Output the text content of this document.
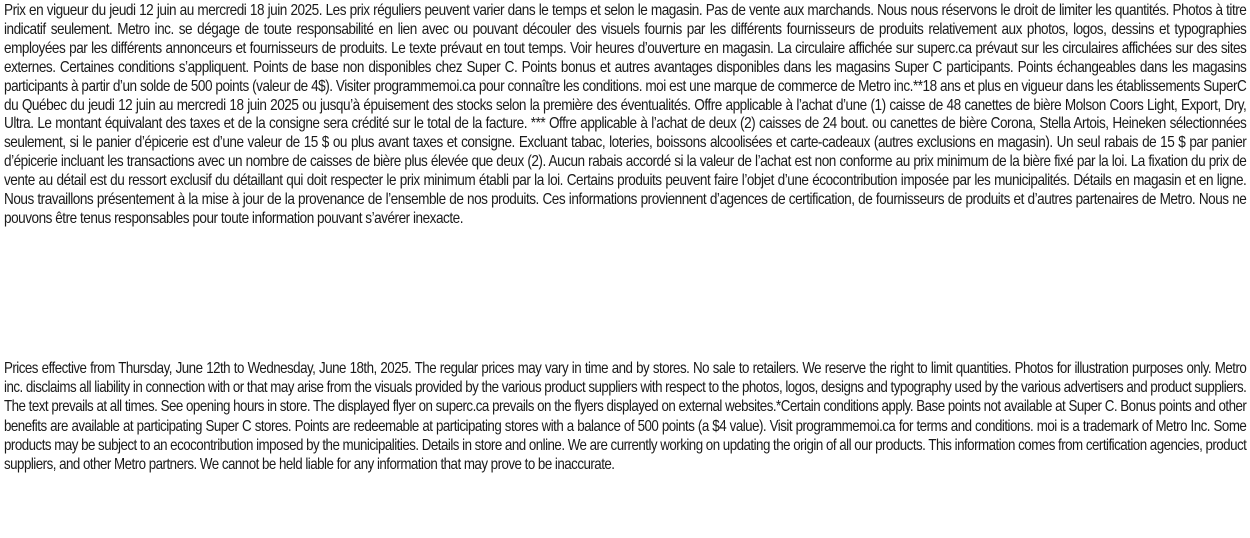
Prix en vigueur du jeudi 12 juin au mercredi 18 juin 2025. Les prix réguliers peuvent varier dans le temps et selon le magasin. Pas de vente aux marchands. Nous nous réservons le droit de limiter les quantités. Photos à titre indicatif seulement. Metro inc. se dégage de toute responsabilité en lien avec ou pouvant découler des visuels fournis par les différents fournisseurs de produits relativement aux photos, logos, dessins et typographies employées par les différents annonceurs et fournisseurs de produits. Le texte prévaut en tout temps. Voir heures d’ouverture en magasin. La circulaire affichée sur superc.ca prévaut sur les circulaires affichées sur des sites externes. Certaines conditions s’appliquent. Points de base non disponibles chez Super C. Points bonus et autres avantages disponibles dans les magasins Super C participants. Points échangeables dans les magasins participants à partir d’un solde de 500 points (valeur de 4$). Visiter programmemoi.ca pour connaître les conditions. moi est une marque de commerce de Metro inc.**18 ans et plus en vigueur dans les établissements SuperC du Québec du jeudi 12 juin au mercredi 18 juin 2025 ou jusqu’à épuisement des stocks selon la première des éventualités. Offre applicable à l’achat d’une (1) caisse de 48 canettes de bière Molson Coors Light, Export, Dry, Ultra. Le montant équivalant des taxes et de la consigne sera crédité sur le total de la facture. *** Offre applicable à l’achat de deux (2) caisses de 24 bout. ou canettes de bière Corona, Stella Artois, Heineken sélectionnées seulement, si le panier d’épicerie est d’une valeur de 15 $ ou plus avant taxes et consigne. Excluant tabac, loteries, boissons alcoolisées et carte-cadeaux (autres exclusions en magasin). Un seul rabais de 15 $ par panier d’épicerie incluant les transactions avec un nombre de caisses de bière plus élevée que deux (2). Aucun rabais accordé si la valeur de l’achat est non conforme au prix minimum de la bière fixé par la loi. La fixation du prix de vente au détail est du ressort exclusif du détaillant qui doit respecter le prix minimum établi par la loi. Certains produits peuvent faire l’objet d’une écocontribution imposée par les municipalités. Détails en magasin et en ligne. Nous travaillons présentement à la mise à jour de la provenance de l’ensemble de nos produits. Ces informations proviennent d’agences de certification, de fournisseurs de produits et d’autres partenaires de Metro. Nous ne pouvons être tenus responsables pour toute information pouvant s’avérer inexacte.

Prices effective from Thursday, June 12th to Wednesday, June 18th, 2025. The regular prices may vary in time and by stores. No sale to retailers. We reserve the right to limit quantities. Photos for illustration purposes only. Metro inc. disclaims all liability in connection with or that may arise from the visuals provided by the various product suppliers with respect to the photos, logos, designs and typography used by the various advertisers and product suppliers. The text prevails at all times. See opening hours in store. The displayed flyer on superc.ca prevails on the flyers displayed on external websites.*Certain conditions apply. Base points not available at Super C. Bonus points and other benefits are available at participating Super C stores. Points are redeemable at participating stores with a balance of 500 points (a $4 value). Visit programmemoi.ca for terms and conditions. moi is a trademark of Metro Inc. Some products may be subject to an ecocontribution imposed by the municipalities. Details in store and online. We are currently working on updating the origin of all our products. This information comes from certification agencies, product suppliers, and other Metro partners. We cannot be held liable for any information that may prove to be inaccurate.
